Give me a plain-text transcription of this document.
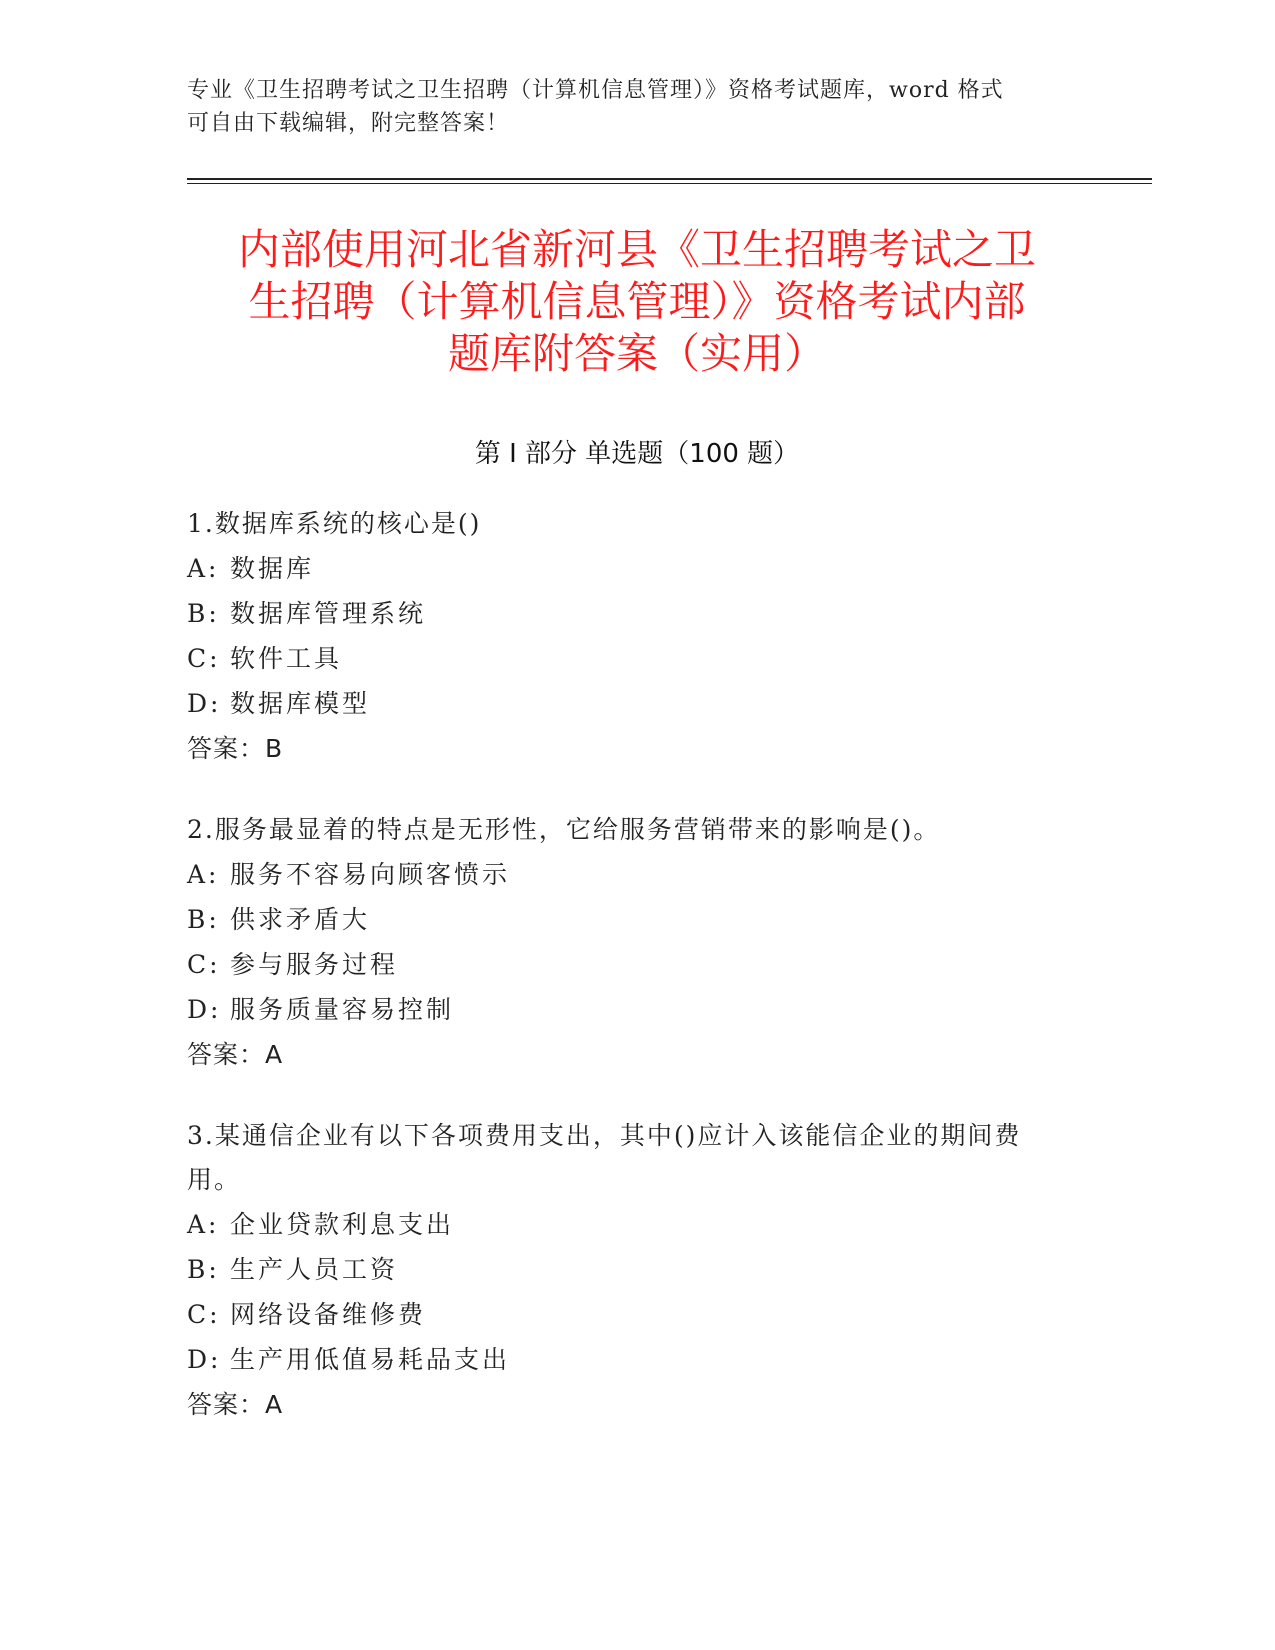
专业《卫生招聘考试之卫生招聘（计算机信息管理）》资格考试题库，word 格式
可自由下载编辑，附完整答案！
内部使用河北省新河县《卫生招聘考试之卫
生招聘（计算机信息管理）》资格考试内部
题库附答案（实用）
第 I 部分 单选题（100 题）

1.数据库系统的核心是()

A: 数据库

B: 数据库管理系统

C: 软件工具

D: 数据库模型

答案：B

2.服务最显着的特点是无形性，它给服务营销带来的影响是()。

A: 服务不容易向顾客愤示

B: 供求矛盾大

C: 参与服务过程

D: 服务质量容易控制

答案：A

3.某通信企业有以下各项费用支出，其中()应计入该能信企业的期间费用。

A: 企业贷款利息支出

B: 生产人员工资

C: 网络设备维修费

D: 生产用低值易耗品支出

答案：A
